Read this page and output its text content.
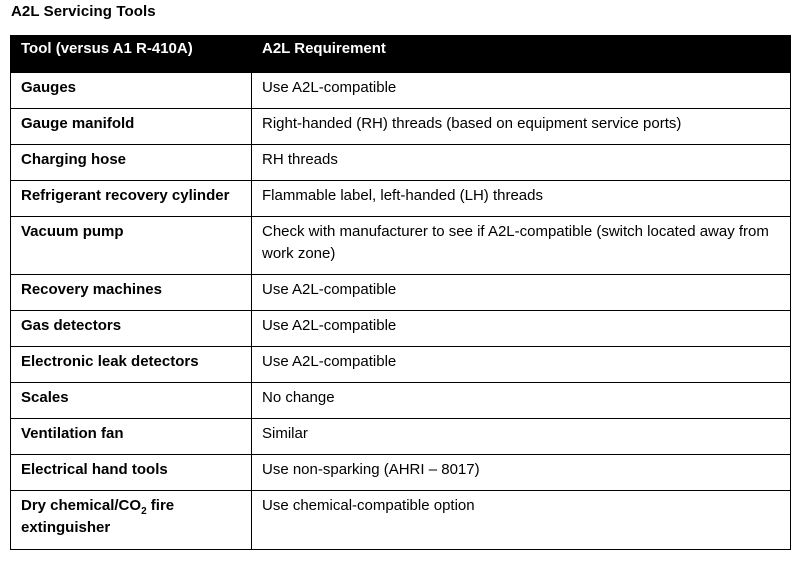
A2L Servicing Tools
Tool (versus A1 R-410A)	A2L Requirement
Gauges	Use A2L-compatible
Gauge manifold	Right-handed (RH) threads (based on equipment service ports)
Charging hose	RH threads
Refrigerant recovery cylinder	Flammable label, left-handed (LH) threads
Vacuum pump	Check with manufacturer to see if A2L-compatible (switch located away from work zone)
Recovery machines	Use A2L-compatible
Gas detectors	Use A2L-compatible
Electronic leak detectors	Use A2L-compatible
Scales	No change
Ventilation fan	Similar
Electrical hand tools	Use non-sparking (AHRI – 8017)
Dry chemical/$CO_2$ fire extinguisher	Use chemical-compatible option
